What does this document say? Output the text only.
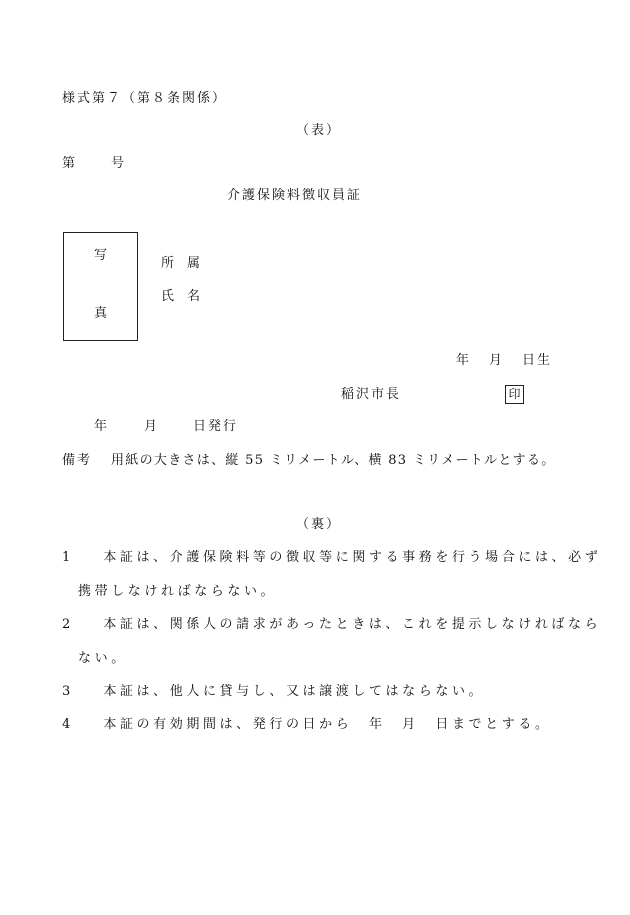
様式第７（第８条関係）
（表）
第	号
介護保険料徴収員証
写
真
所　属
氏　名
年 月 日生
稲沢市長	印
年	月	日発行
備考 用紙の大きさは、縦 55 ミリメートル、横 83 ミリメートルとする。
（裏）
1 本証は、介護保険料等の徴収等に関する事務を行う場合には、必ず
携帯しなければならない。
2 本証は、関係人の請求があったときは、これを提示しなければなら
ない。
3 本証は、他人に貸与し、又は譲渡してはならない。
4 本証の有効期間は、発行の日から　年　月　日までとする。
